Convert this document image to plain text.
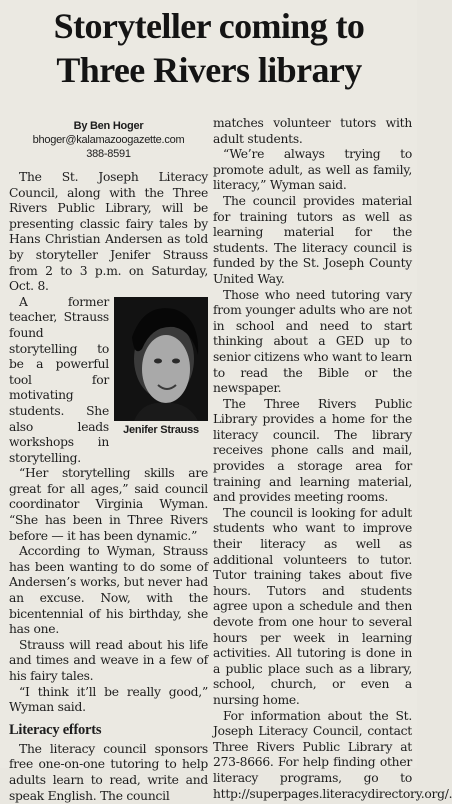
Storyteller coming to Three Rivers library
By Ben Hoger
bhoger@kalamazoogazette.com
388-8591

The St. Joseph Literacy Council, along with the Three Rivers Public Library, will be presenting classic fairy tales by Hans Christian Andersen as told by storyteller Jenifer Strauss from 2 to 3 p.m. on Saturday, Oct. 8.

Jenifer Strauss

A former teacher, Strauss found storytelling to be a powerful tool for motivating students. She also leads workshops in storytelling.

“Her storytelling skills are great for all ages,” said council coordinator Virginia Wyman. “She has been in Three Rivers before — it has been dynamic.”

According to Wyman, Strauss has been wanting to do some of Andersen’s works, but never had an excuse. Now, with the bicentennial of his birthday, she has one.

Strauss will read about his life and times and weave in a few of his fairy tales.

“I think it’ll be really good,” Wyman said.

Literacy efforts

The literacy council sponsors free one-on-one tutoring to help adults learn to read, write and speak English. The council

matches volunteer tutors with adult students.

“We’re always trying to promote adult, as well as family, literacy,” Wyman said.

The council provides material for training tutors as well as learning material for the students. The literacy council is funded by the St. Joseph County United Way.

Those who need tutoring vary from younger adults who are not in school and need to start thinking about a GED up to senior citizens who want to learn to read the Bible or the newspaper.

The Three Rivers Public Library provides a home for the literacy council. The library receives phone calls and mail, provides a storage area for training and learning material, and provides meeting rooms.

The council is looking for adult students who want to improve their literacy as well as additional volunteers to tutor. Tutor training takes about five hours. Tutors and students agree upon a schedule and then devote from one hour to several hours per week in learning activities. All tutoring is done in a public place such as a library, school, church, or even a nursing home.

For information about the St. Joseph Literacy Council, contact Three Rivers Public Library at 273-8666. For help finding other literacy programs, go to http://superpages.literacydirectory.org/.
